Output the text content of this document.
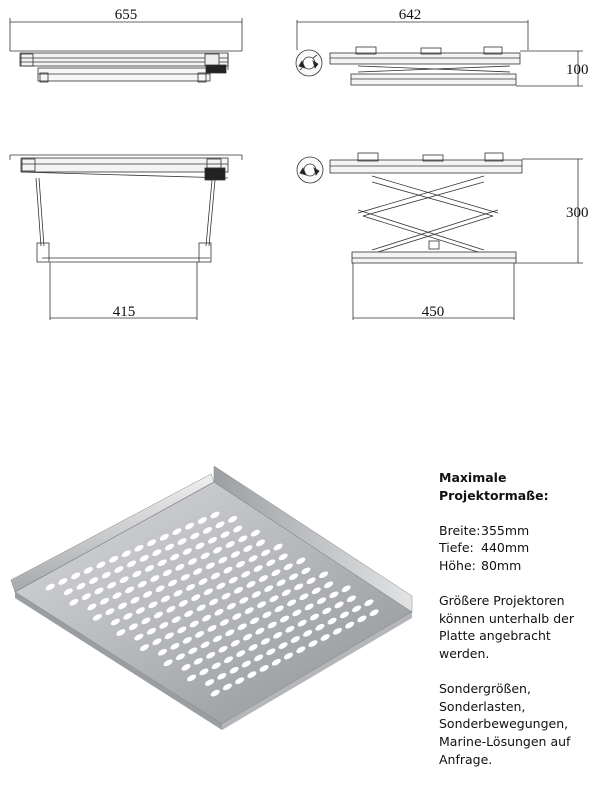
655	642
100
415	450
300
Maximale
Projektormaße:
Breite:355mm
Tiefe: 440mm
Höhe: 80mm
Größere Projektoren
können unterhalb der
Platte angebracht
werden.
Sondergrößen,
Sonderlasten,
Sonderbewegungen,
Marine-Lösungen auf
Anfrage.
